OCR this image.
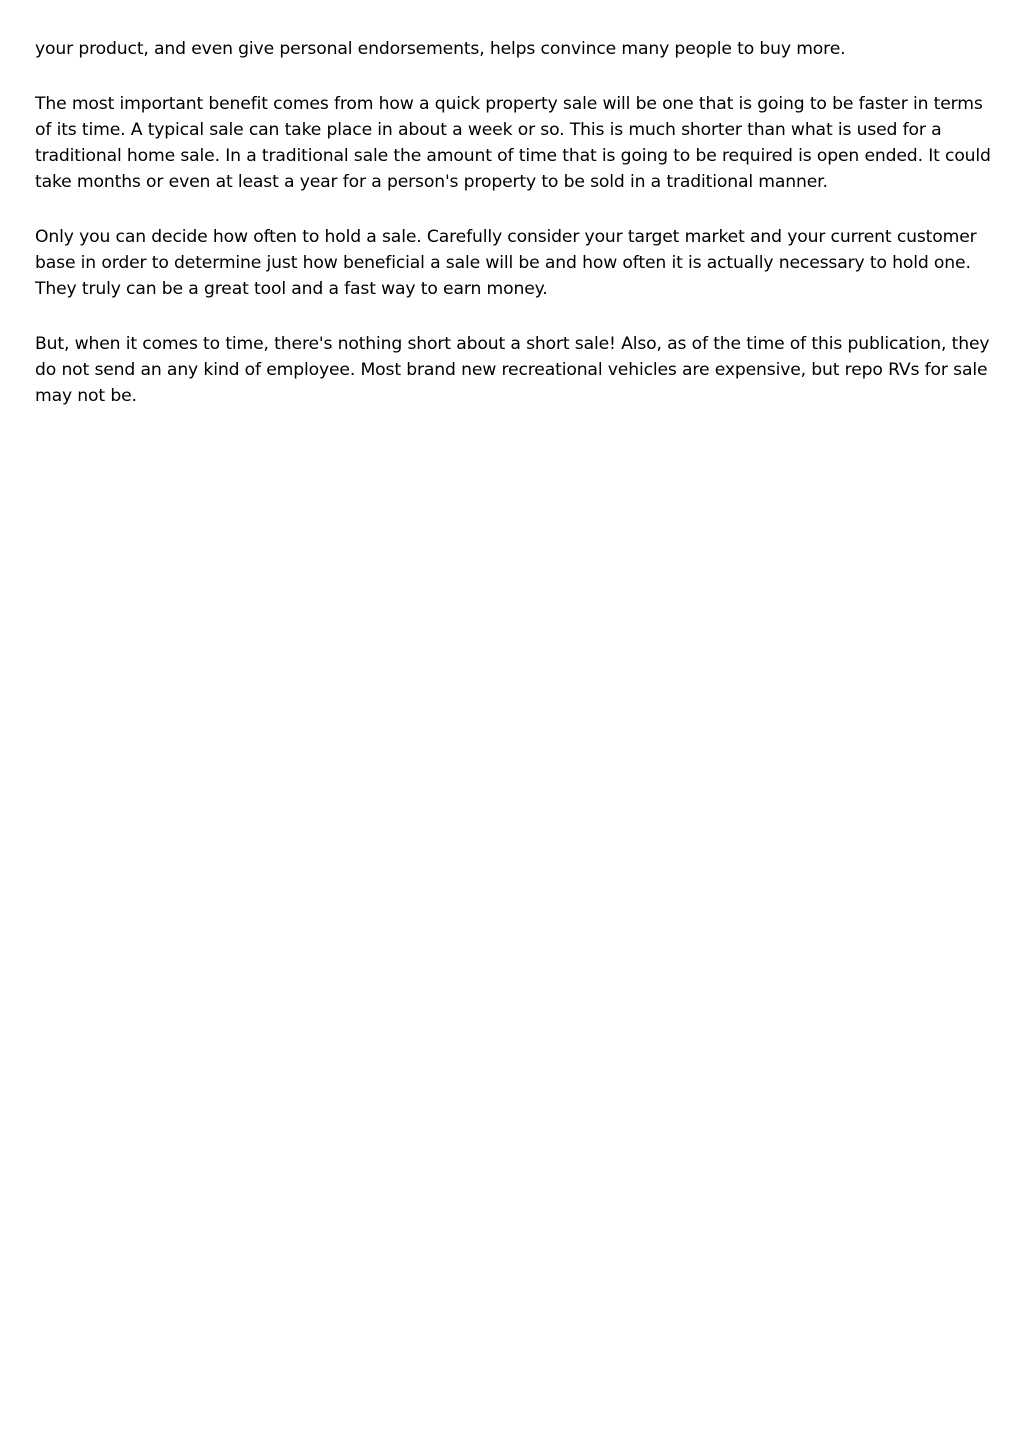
your product, and even give personal endorsements, helps convince many people to buy more.

The most important benefit comes from how a quick property sale will be one that is going to be faster in terms of its time. A typical sale can take place in about a week or so. This is much shorter than what is used for a traditional home sale. In a traditional sale the amount of time that is going to be required is open ended. It could take months or even at least a year for a person's property to be sold in a traditional manner.

Only you can decide how often to hold a sale. Carefully consider your target market and your current customer base in order to determine just how beneficial a sale will be and how often it is actually necessary to hold one. They truly can be a great tool and a fast way to earn money.

But, when it comes to time, there's nothing short about a short sale! Also, as of the time of this publication, they do not send an any kind of employee. Most brand new recreational vehicles are expensive, but repo RVs for sale may not be.
